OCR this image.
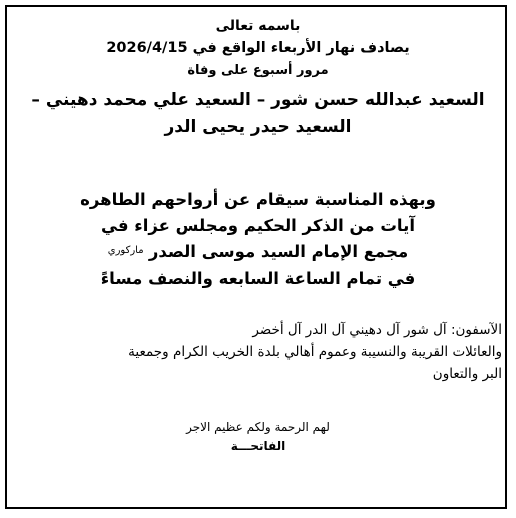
باسمه تعالى

يصادف نهار الأربعاء الواقع في 2026/4/15

مرور أسبوع على وفاة

السعيد عبدالله حسن شور – السعيد علي محمد دهيني –

السعيد حيدر يحيى الدر

وبهذه المناسبة سيقام عن أرواحهم الطاهره

آيات من الذكر الحكيم ومجلس عزاء في

مجمع الإمام السيد موسى الصدر $^{ماركوري}$

في تمام الساعة السابعه والنصف مساءً

الآسفون: آل شور آل دهيني آل الدر آل أخضر

والعائلات القريبة والنسيبة وعموم أهالي بلدة الخريب الكرام وجمعية

البر والتعاون

لهم الرحمة ولكم عظيم الاجر

الفاتحـــة
